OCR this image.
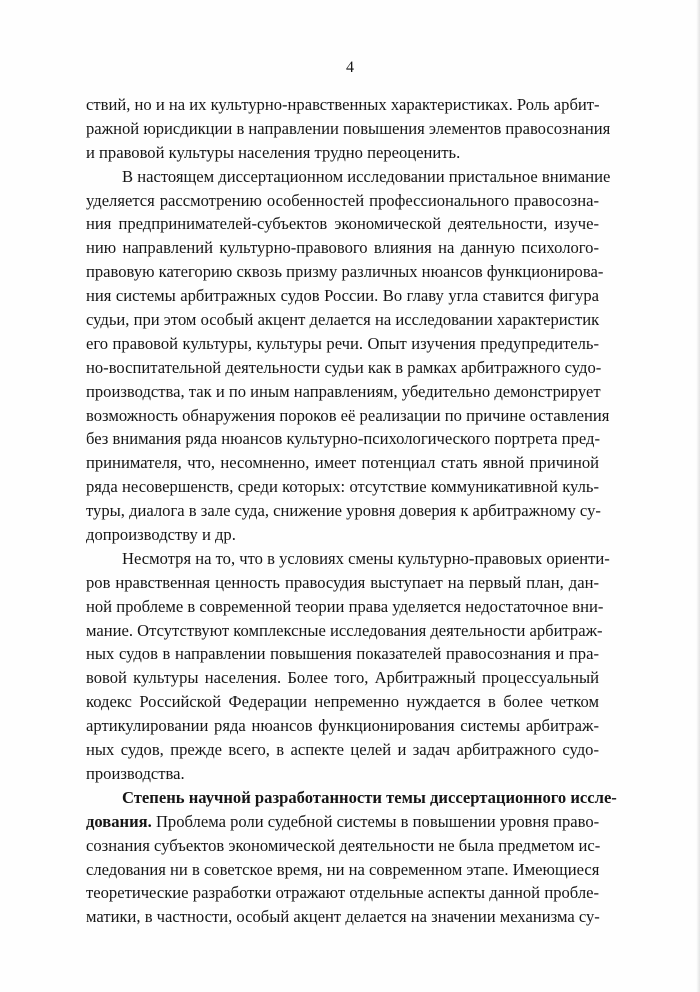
4
ствий, но и на их культурно-нравственных характеристиках. Роль арбит-
ражной юрисдикции в направлении повышения элементов правосознания
и правовой культуры населения трудно переоценить.
В настоящем диссертационном исследовании пристальное внимание
уделяется рассмотрению особенностей профессионального правосозна-
ния предпринимателей-субъектов экономической деятельности, изуче-
нию направлений культурно-правового влияния на данную психолого-
правовую категорию сквозь призму различных нюансов функционирова-
ния системы арбитражных судов России. Во главу угла ставится фигура
судьи, при этом особый акцент делается на исследовании характеристик
его правовой культуры, культуры речи. Опыт изучения предупредитель-
но-воспитательной деятельности судьи как в рамках арбитражного судо-
производства, так и по иным направлениям, убедительно демонстрирует
возможность обнаружения пороков её реализации по причине оставления
без внимания ряда нюансов культурно-психологического портрета пред-
принимателя, что, несомненно, имеет потенциал стать явной причиной
ряда несовершенств, среди которых: отсутствие коммуникативной куль-
туры, диалога в зале суда, снижение уровня доверия к арбитражному су-
допроизводству и др.
Несмотря на то, что в условиях смены культурно-правовых ориенти-
ров нравственная ценность правосудия выступает на первый план, дан-
ной проблеме в современной теории права уделяется недостаточное вни-
мание. Отсутствуют комплексные исследования деятельности арбитраж-
ных судов в направлении повышения показателей правосознания и пра-
вовой культуры населения. Более того, Арбитражный процессуальный
кодекс Российской Федерации непременно нуждается в более четком
артикулировании ряда нюансов функционирования системы арбитраж-
ных судов, прежде всего, в аспекте целей и задач арбитражного судо-
производства.
Степень научной разработанности темы диссертационного иссле-
дования. Проблема роли судебной системы в повышении уровня право-
сознания субъектов экономической деятельности не была предметом ис-
следования ни в советское время, ни на современном этапе. Имеющиеся
теоретические разработки отражают отдельные аспекты данной пробле-
матики, в частности, особый акцент делается на значении механизма су-
